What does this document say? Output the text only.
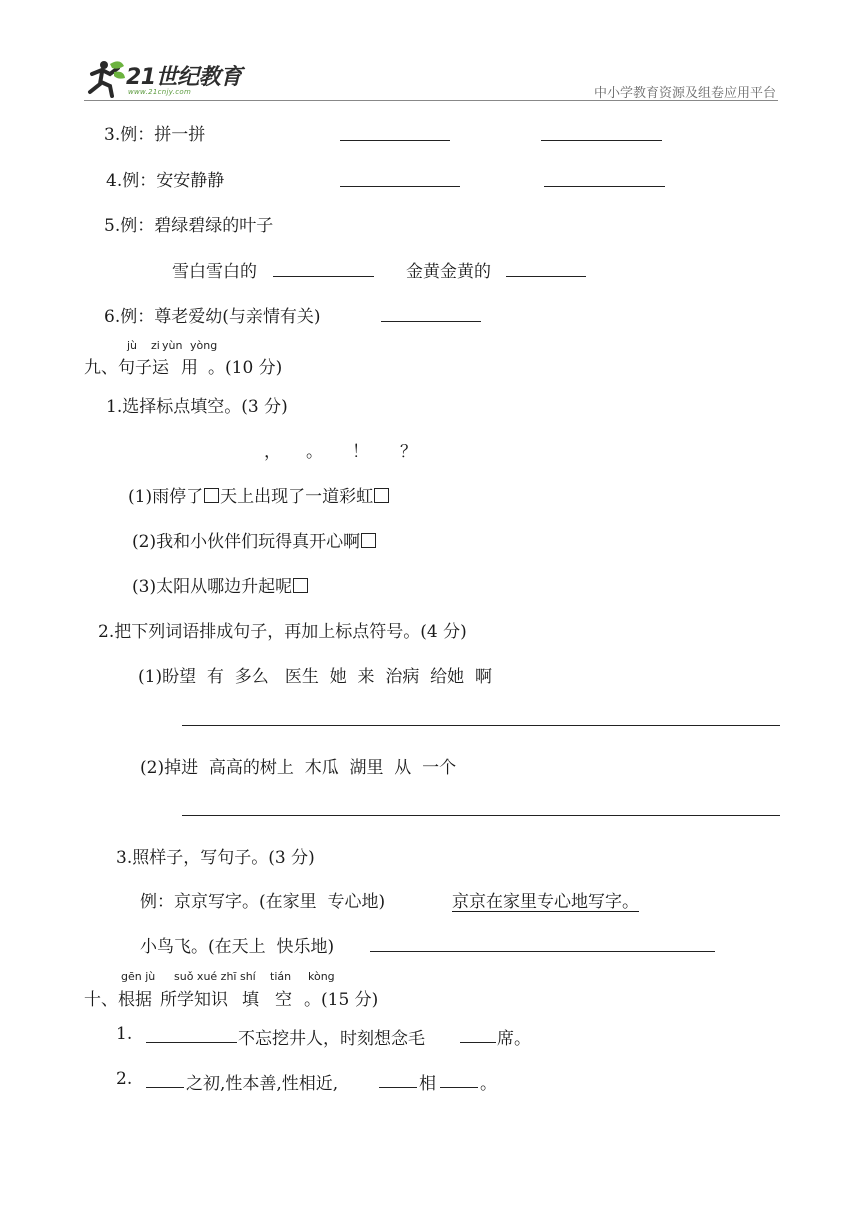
21世纪教育
www.21cnjy.com	中小学教育资源及组卷应用平台
3.例：拼一拼
4.例：安安静静
5.例：碧绿碧绿的叶子
雪白雪白的	金黄金黄的
6.例：尊老爱幼(与亲情有关)
jù zi yùn yòng
九、句子运 用 。(10 分)
1.选择标点填空。(3 分)
， 。 ！ ？
(1)雨停了 天上出现了一道彩虹
(2)我和小伙伴们玩得真开心啊
(3)太阳从哪边升起呢
2.把下列词语排成句子，再加上标点符号。(4 分)
(1)盼望  有  多么   医生  她  来  治病  给她  啊
(2)掉进  高高的树上  木瓜  湖里  从  一个
3.照样子，写句子。(3 分)
例：京京写字。(在家里  专心地)	京京在家里专心地写字。
小鸟飞。(在天上  快乐地)
gēn jù suǒ xué zhī shí tián kòng
十、根据 所学知识 填 空 。(15 分)
1.	不忘挖井人，时刻想念毛	席。
2.	之初,性本善,性相近,	相	。
